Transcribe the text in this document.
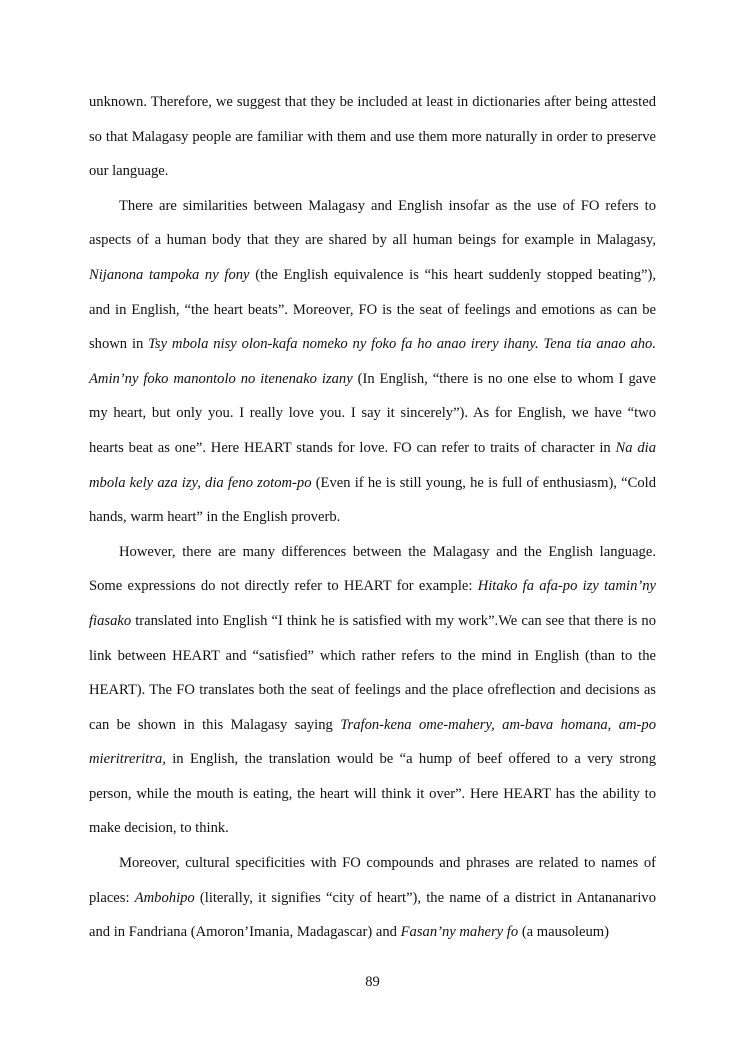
unknown. Therefore, we suggest that they be included at least in dictionaries after being attested so that Malagasy people are familiar with them and use them more naturally in order to preserve our language.

There are similarities between Malagasy and English insofar as the use of FO refers to aspects of a human body that they are shared by all human beings for example in Malagasy, Nijanona tampoka ny fony (the English equivalence is “his heart suddenly stopped beating”), and in English, “the heart beats”. Moreover, FO is the seat of feelings and emotions as can be shown in Tsy mbola nisy olon-kafa nomeko ny foko fa ho anao irery ihany. Tena tia anao aho. Amin’ny foko manontolo no itenenako izany (In English, “there is no one else to whom I gave my heart, but only you. I really love you. I say it sincerely”). As for English, we have “two hearts beat as one”. Here HEART stands for love. FO can refer to traits of character in Na dia mbola kely aza izy, dia feno zotom-po (Even if he is still young, he is full of enthusiasm), “Cold hands, warm heart” in the English proverb.

However, there are many differences between the Malagasy and the English language. Some expressions do not directly refer to HEART for example: Hitako fa afa-po izy tamin’ny fiasako translated into English “I think he is satisfied with my work”.We can see that there is no link between HEART and “satisfied” which rather refers to the mind in English (than to the HEART). The FO translates both the seat of feelings and the place ofreflection and decisions as can be shown in this Malagasy saying Trafon-kena ome-mahery, am-bava homana, am-po mieritreritra, in English, the translation would be “a hump of beef offered to a very strong person, while the mouth is eating, the heart will think it over”. Here HEART has the ability to make decision, to think.

Moreover, cultural specificities with FO compounds and phrases are related to names of places: Ambohipo (literally, it signifies “city of heart”), the name of a district in Antananarivo and in Fandriana (Amoron’Imania, Madagascar) and Fasan’ny mahery fo (a mausoleum)

89
